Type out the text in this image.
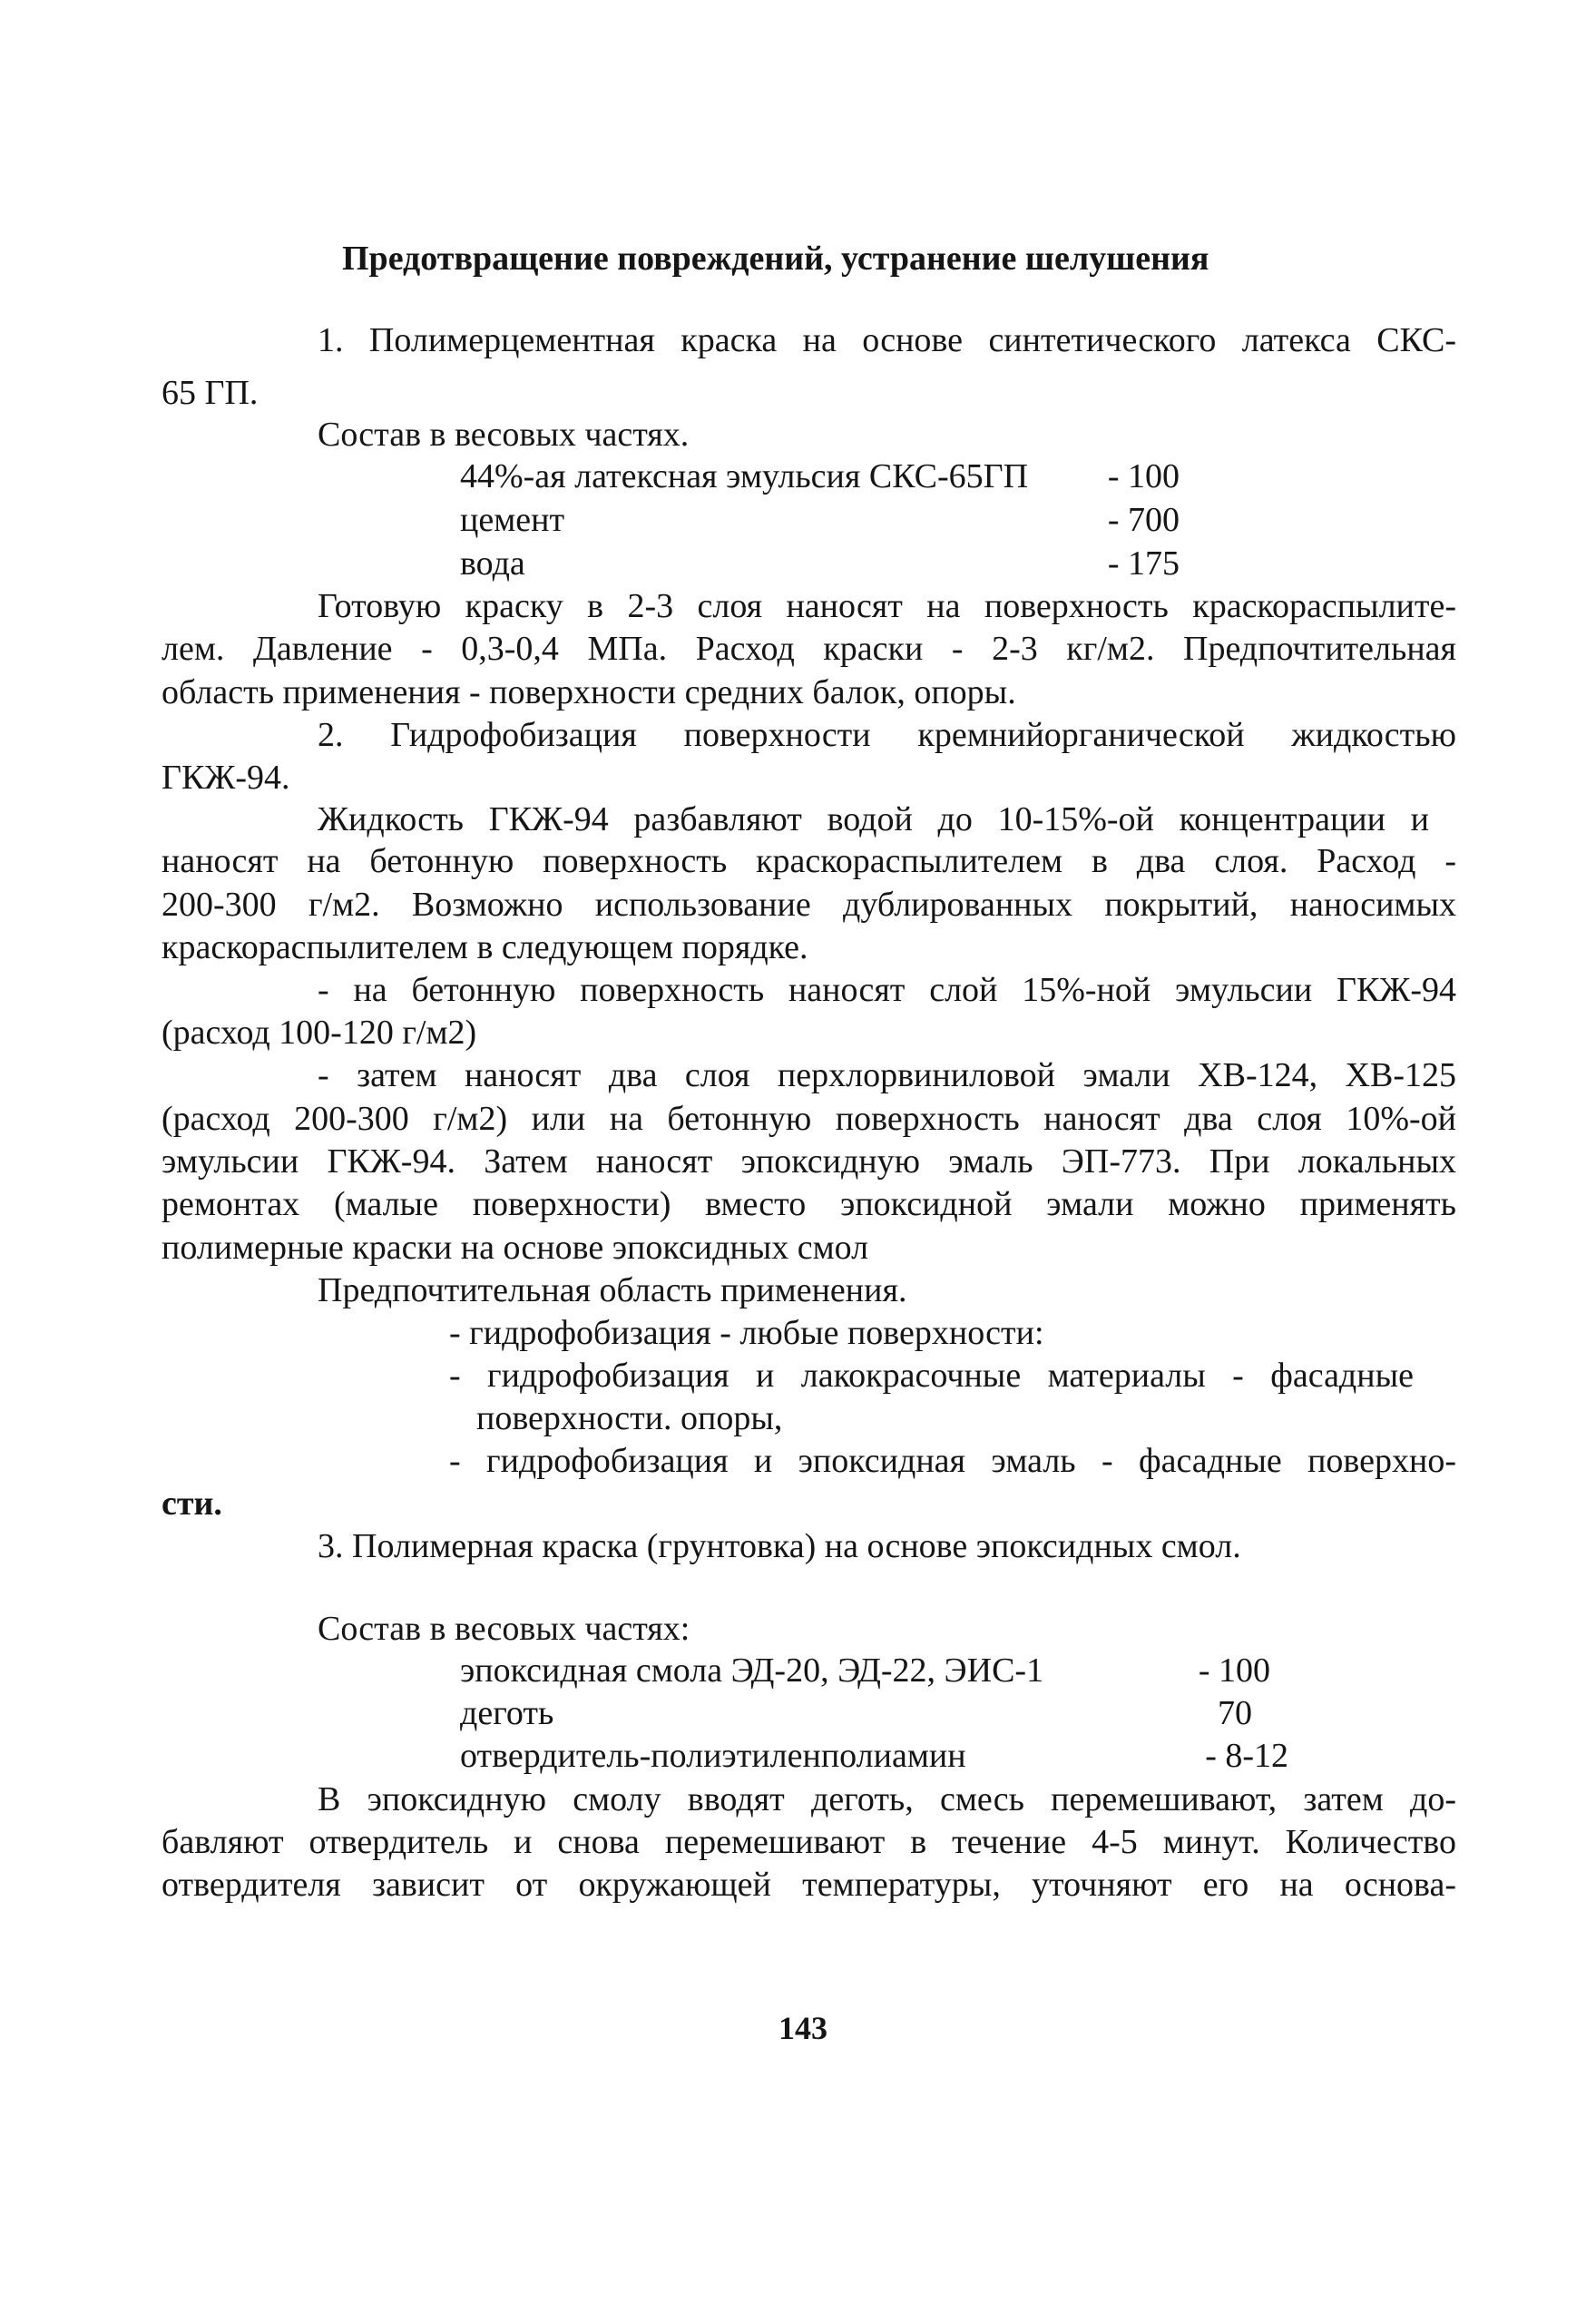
Предотвращение повреждений, устранение шелушения
1. Полимерцементная краска на основе синтетического латекса СКС-
65 ГП.
Состав в весовых частях.
44%-ая латексная эмульсия СКС-65ГП	- 100
цемент	- 700
вода	- 175
Готовую краску в 2-3 слоя наносят на поверхность краскораспылите-
лем. Давление - 0,3-0,4 МПа. Расход краски - 2-3 кг/м2. Предпочтительная
область применения - поверхности средних балок, опоры.
2. Гидрофобизация поверхности кремнийорганической жидкостью
ГКЖ-94.
Жидкость ГКЖ-94 разбавляют водой до 10-15%-ой концентрации и
наносят на бетонную поверхность краскораспылителем в два слоя. Расход -
200-300 г/м2. Возможно использование дублированных покрытий, наносимых
краскораспылителем в следующем порядке.
- на бетонную поверхность наносят слой 15%-ной эмульсии ГКЖ-94
(расход 100-120 г/м2)
- затем наносят два слоя перхлорвиниловой эмали ХВ-124, ХВ-125
(расход 200-300 г/м2) или на бетонную поверхность наносят два слоя 10%-ой
эмульсии ГКЖ-94. Затем наносят эпоксидную эмаль ЭП-773. При локальных
ремонтах (малые поверхности) вместо эпоксидной эмали можно применять
полимерные краски на основе эпоксидных смол
Предпочтительная область применения.
- гидрофобизация - любые поверхности:
- гидрофобизация и лакокрасочные материалы - фасадные
поверхности. опоры,
- гидрофобизация и эпоксидная эмаль - фасадные поверхно-
сти.
3. Полимерная краска (грунтовка) на основе эпоксидных смол.
Состав в весовых частях:
эпоксидная смола ЭД-20, ЭД-22, ЭИС-1	- 100
деготь	70
отвердитель-полиэтиленполиамин	- 8-12
В эпоксидную смолу вводят деготь, смесь перемешивают, затем до-
бавляют отвердитель и снова перемешивают в течение 4-5 минут. Количество
отвердителя зависит от окружающей температуры, уточняют его на основа-
143
